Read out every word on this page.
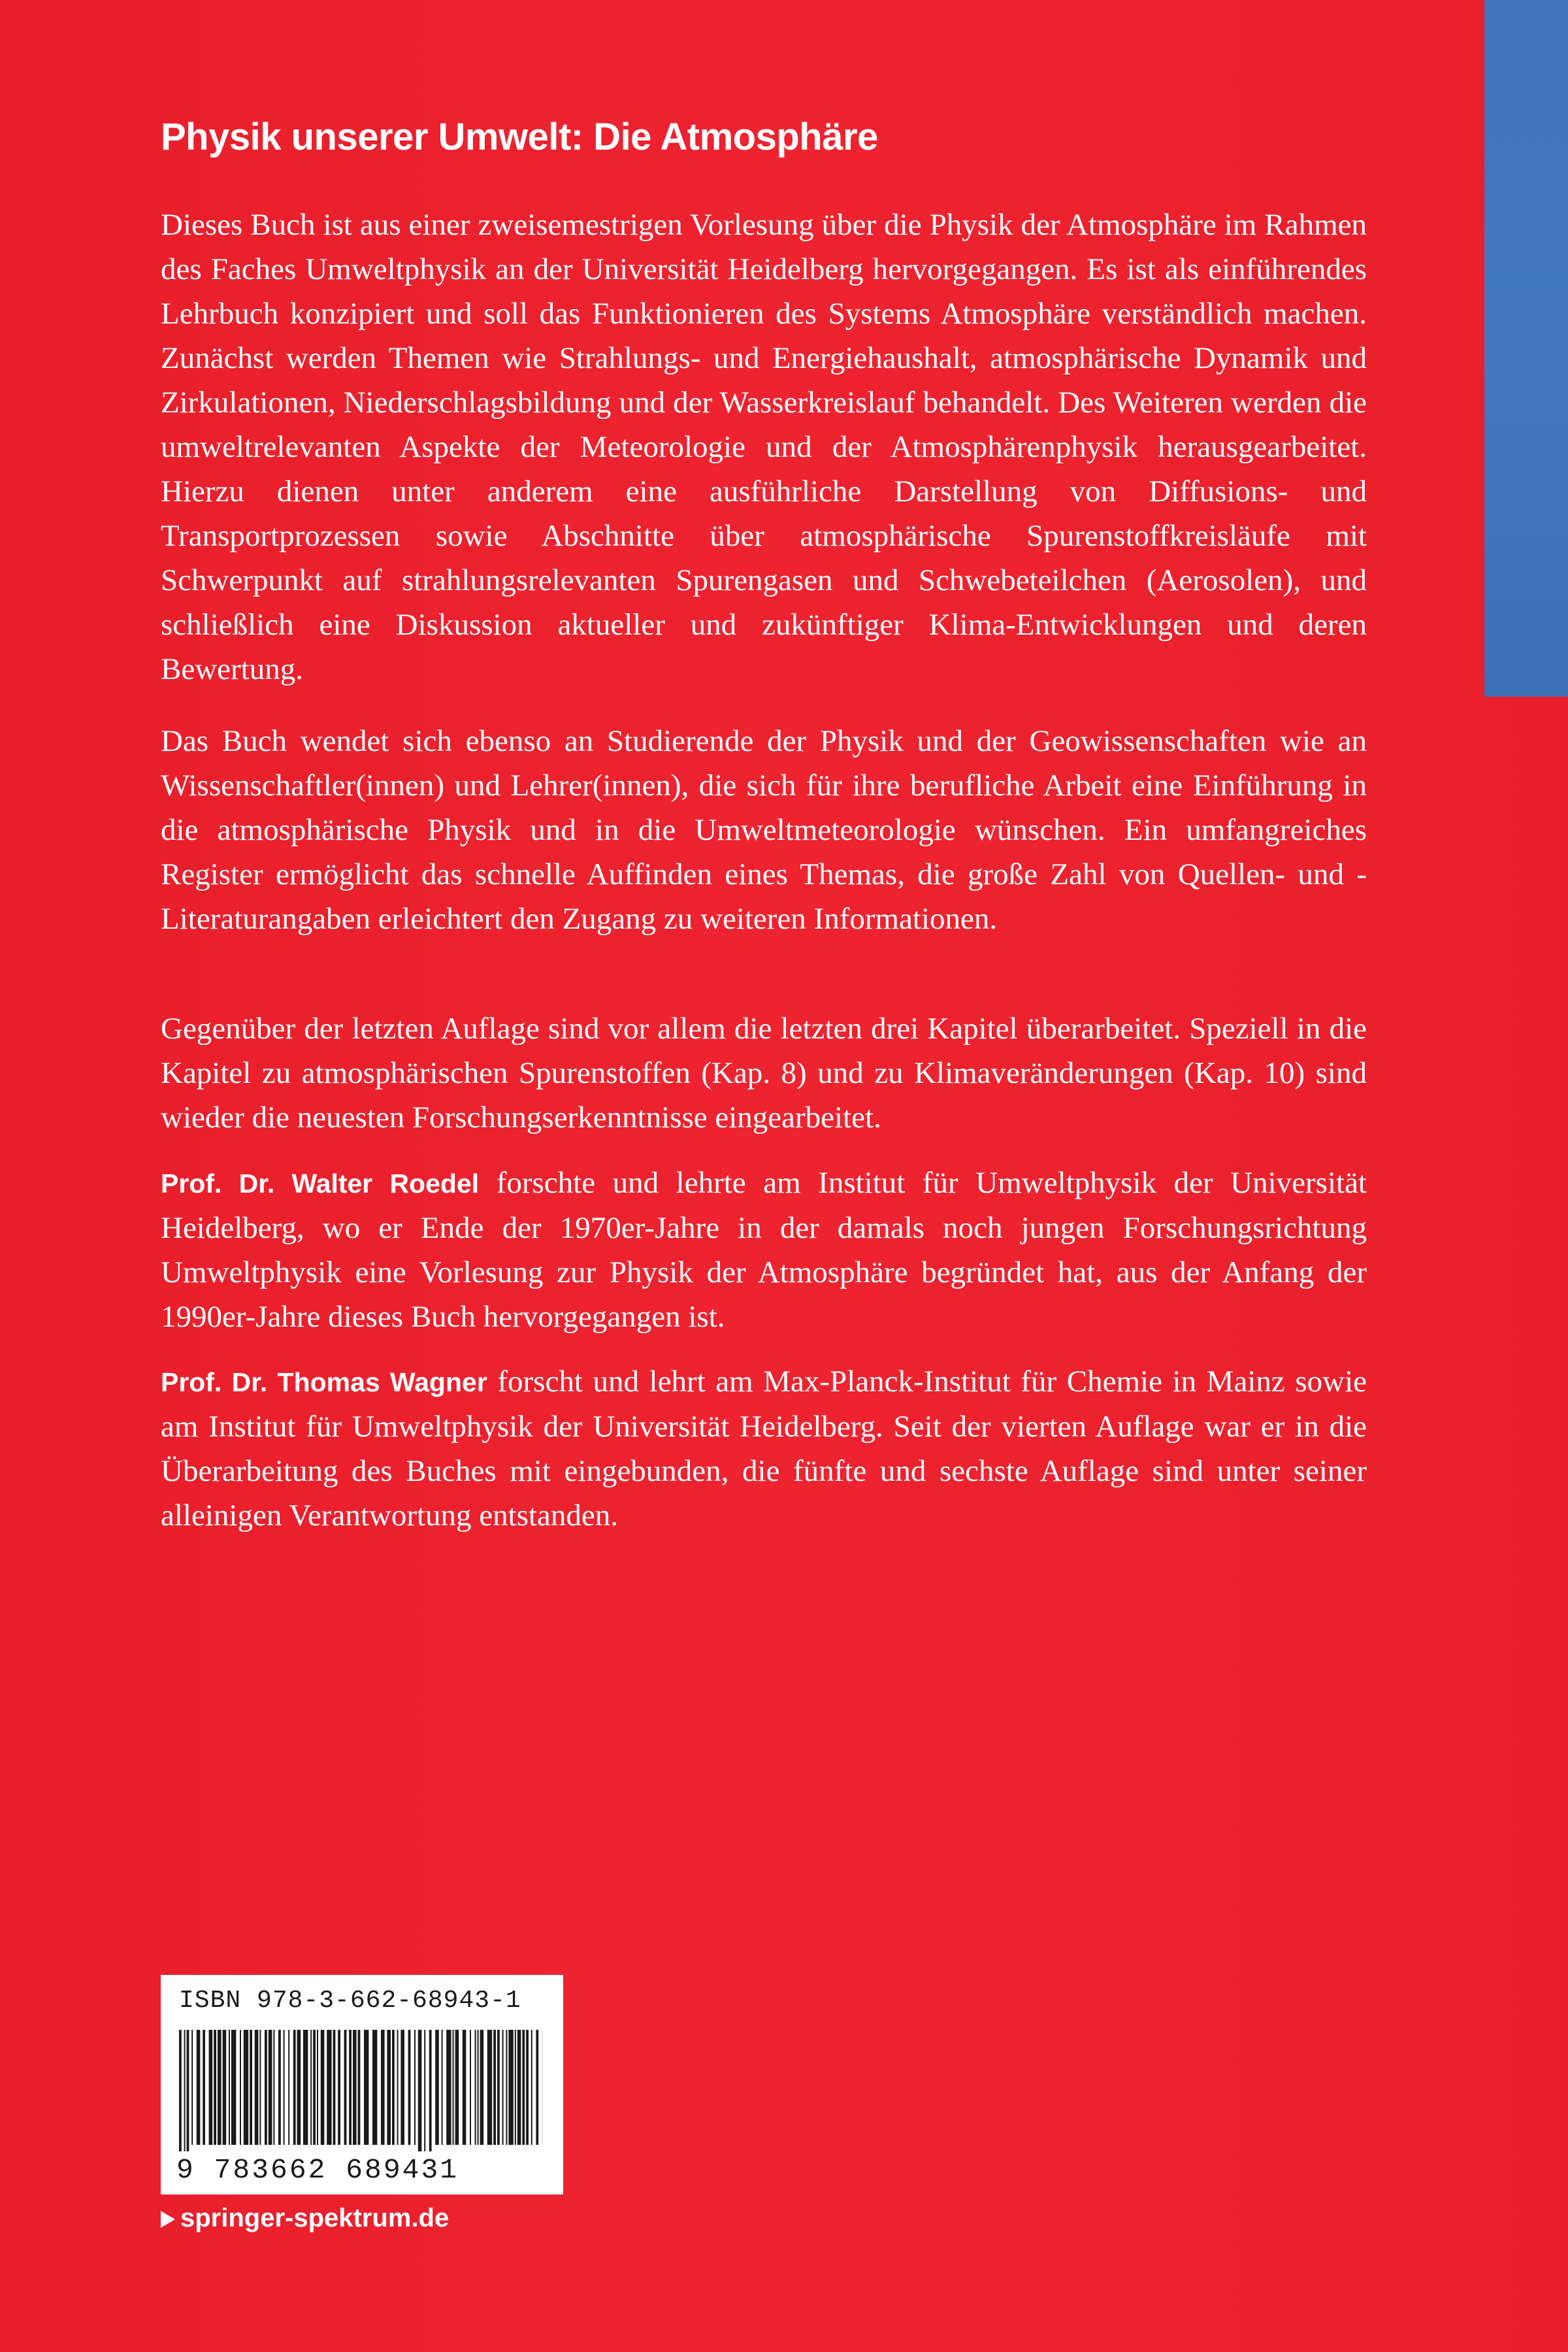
Physik unserer Umwelt: Die Atmosphäre

Dieses Buch ist aus einer zweisemestrigen Vorlesung über die Physik der Atmosphäre im Rahmen des Faches Umweltphysik an der Universität Heidelberg hervorgegangen. Es ist als einführendes Lehrbuch konzipiert und soll das Funktionieren des Systems Atmosphäre verständlich machen. Zunächst werden Themen wie Strahlungs- und Energiehaushalt, atmosphärische Dynamik und Zirkulationen, Niederschlagsbildung und der Wasserkreislauf behandelt. Des Weiteren werden die umweltrelevanten Aspekte der Meteorologie und der Atmosphärenphysik herausgearbeitet. Hierzu dienen unter anderem eine ausführliche Darstellung von Diffusions- und Transportprozessen sowie Abschnitte über atmosphärische Spurenstoffkreisläufe mit Schwerpunkt auf strahlungsrelevanten Spurengasen und Schwebeteilchen (Aerosolen), und schließlich eine Diskussion aktueller und zukünftiger Klima-Entwicklungen und deren Bewertung.

Das Buch wendet sich ebenso an Studierende der Physik und der Geowissenschaften wie an Wissenschaftler(innen) und Lehrer(innen), die sich für ihre berufliche Arbeit eine Einführung in die atmosphärische Physik und in die Umweltmeteorologie wünschen. Ein umfangreiches Register ermöglicht das schnelle Auffinden eines Themas, die große Zahl von Quellen- und -Literaturangaben erleichtert den Zugang zu weiteren Informationen.

Gegenüber der letzten Auflage sind vor allem die letzten drei Kapitel überarbeitet. Speziell in die Kapitel zu atmosphärischen Spurenstoffen (Kap. 8) und zu Klimaveränderungen (Kap. 10) sind wieder die neuesten Forschungserkenntnisse eingearbeitet.

Prof. Dr. Walter Roedel forschte und lehrte am Institut für Umweltphysik der Universität Heidelberg, wo er Ende der 1970er-Jahre in der damals noch jungen Forschungsrichtung Umweltphysik eine Vorlesung zur Physik der Atmosphäre begründet hat, aus der Anfang der 1990er-Jahre dieses Buch hervorgegangen ist.

Prof. Dr. Thomas Wagner forscht und lehrt am Max-Planck-Institut für Chemie in Mainz sowie am Institut für Umweltphysik der Universität Heidelberg. Seit der vierten Auflage war er in die Überarbeitung des Buches mit eingebunden, die fünfte und sechste Auflage sind unter seiner alleinigen Verantwortung entstanden.

ISBN 978-3-662-68943-1
9 783662 689431
springer-spektrum.de
